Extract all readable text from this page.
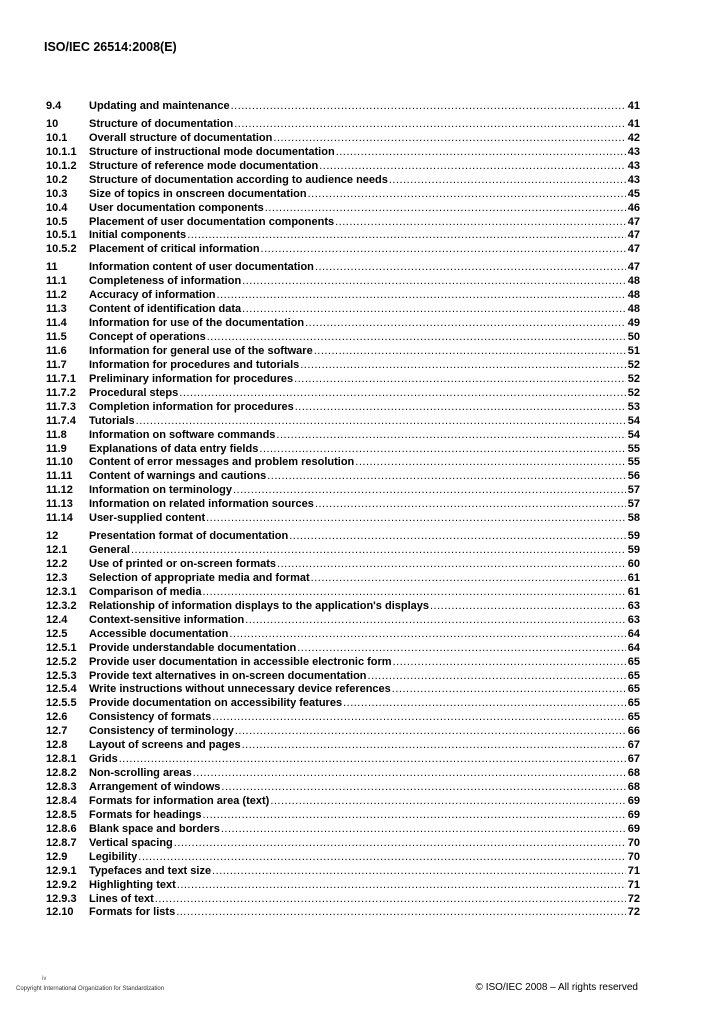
ISO/IEC 26514:2008(E)
9.4	Updating and maintenance .....	41
10	Structure of documentation .....	41
10.1	Overall structure of documentation .....	42
10.1.1	Structure of instructional mode documentation .....	43
10.1.2	Structure of reference mode documentation .....	43
10.2	Structure of documentation according to audience needs .....	43
10.3	Size of topics in onscreen documentation .....	45
10.4	User documentation components .....	46
10.5	Placement of user documentation components .....	47
10.5.1	Initial components .....	47
10.5.2	Placement of critical information .....	47
11	Information content of user documentation .....	47
11.1	Completeness of information .....	48
11.2	Accuracy of information .....	48
11.3	Content of identification data .....	48
11.4	Information for use of the documentation .....	49
11.5	Concept of operations .....	50
11.6	Information for general use of the software .....	51
11.7	Information for procedures and tutorials .....	52
11.7.1	Preliminary information for procedures .....	52
11.7.2	Procedural steps .....	52
11.7.3	Completion information for procedures .....	53
11.7.4	Tutorials .....	54
11.8	Information on software commands .....	54
11.9	Explanations of data entry fields .....	55
11.10	Content of error messages and problem resolution .....	55
11.11	Content of warnings and cautions .....	56
11.12	Information on terminology .....	57
11.13	Information on related information sources .....	57
11.14	User-supplied content .....	58
12	Presentation format of documentation .....	59
12.1	General .....	59
12.2	Use of printed or on-screen formats .....	60
12.3	Selection of appropriate media and format .....	61
12.3.1	Comparison of media .....	61
12.3.2	Relationship of information displays to the application's displays .....	63
12.4	Context-sensitive information .....	63
12.5	Accessible documentation .....	64
12.5.1	Provide understandable documentation .....	64
12.5.2	Provide user documentation in accessible electronic form .....	65
12.5.3	Provide text alternatives in on-screen documentation .....	65
12.5.4	Write instructions without unnecessary device references .....	65
12.5.5	Provide documentation on accessibility features .....	65
12.6	Consistency of formats .....	65
12.7	Consistency of terminology .....	66
12.8	Layout of screens and pages .....	67
12.8.1	Grids .....	67
12.8.2	Non-scrolling areas .....	68
12.8.3	Arrangement of windows .....	68
12.8.4	Formats for information area (text) .....	69
12.8.5	Formats for headings .....	69
12.8.6	Blank space and borders .....	69
12.8.7	Vertical spacing .....	70
12.9	Legibility .....	70
12.9.1	Typefaces and text size .....	71
12.9.2	Highlighting text .....	71
12.9.3	Lines of text .....	72
12.10	Formats for lists .....	72
iv
Copyright International Organization for Standardization	© ISO/IEC 2008 – All rights reserved
